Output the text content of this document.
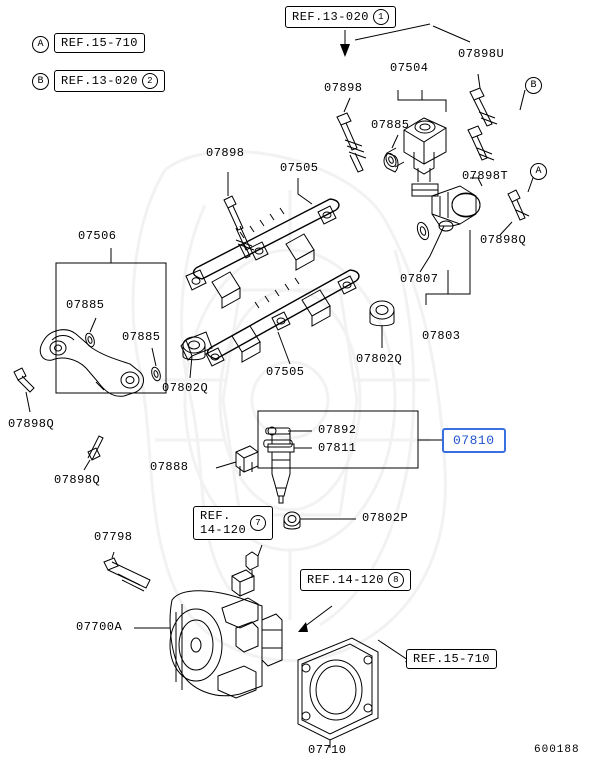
A REF.15-710
B REF.13-020	2
REF.13-020	1
REF.
14-120
7
REF.14-120	8
REF.15-710
B
A
07810
07898U
07504
07898
07885
07898T
07898Q
07898
07505
07807
07803
07506
07885
07885
07802Q
07505
07802Q
07898Q
07898Q
07892
07811
07888
07802P
07798
07700A
07710	600188
